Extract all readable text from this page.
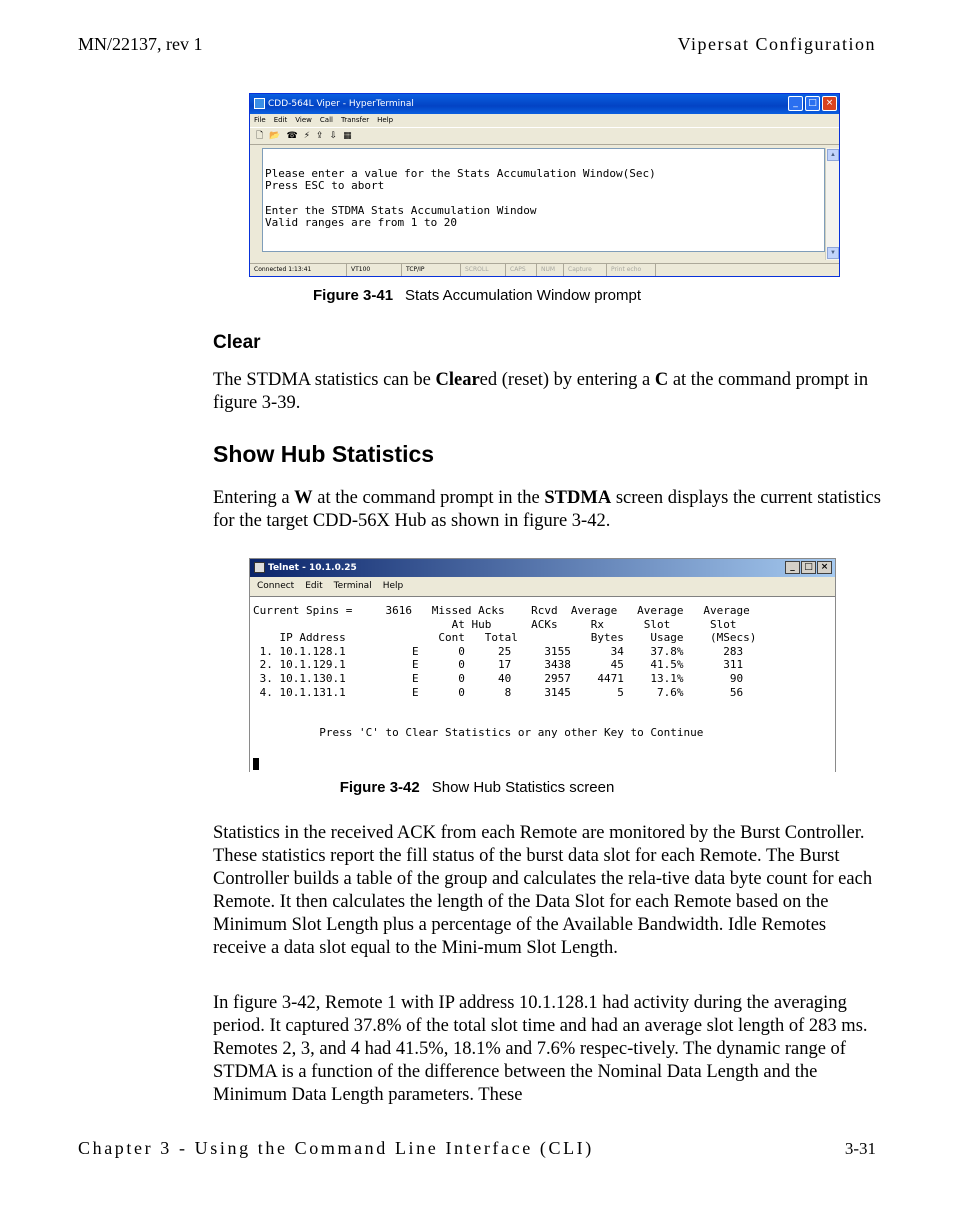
MN/22137, rev 1	Vipersat Configuration
CDD-564L Viper - HyperTerminal	_	□ ×
File Edit View Call Transfer Help
🗋 📂 ☎ ⚡ ⇪ ⇩ ▦
Please enter a value for the Stats Accumulation Window(Sec)
Press ESC to abort

Enter the STDMA Stats Accumulation Window
Valid ranges are from 1 to 20
▲
▼
Connected 1:13:41	VT100	TCP/IP	SCROLL	CAPS	NUM	Capture	Print echo
Figure 3-41 Stats Accumulation Window prompt
Clear
The STDMA statistics can be Cleared (reset) by entering a C at the command prompt in figure 3-39.
Show Hub Statistics
Entering a W at the command prompt in the STDMA screen displays the current statistics for the target CDD-56X Hub as shown in figure 3-42.
Telnet - 10.1.0.25	_	□ ×
Connect Edit Terminal Help
Current Spins =     3616   Missed Acks    Rcvd  Average   Average   Average
At Hub      ACKs     Rx      Slot      Slot
IP Address              Cont   Total           Bytes    Usage    (MSecs)
1. 10.1.128.1          E      0     25     3155      34    37.8%      283
2. 10.1.129.1          E      0     17     3438      45    41.5%      311
3. 10.1.130.1          E      0     40     2957    4471    13.1%       90
4. 10.1.131.1          E      0      8     3145       5     7.6%       56

Press 'C' to Clear Statistics or any other Key to Continue
Figure 3-42 Show Hub Statistics screen
Statistics in the received ACK from each Remote are monitored by the Burst Controller. These statistics report the fill status of the burst data slot for each Remote. The Burst Controller builds a table of the group and calculates the rela-tive data byte count for each Remote. It then calculates the length of the Data Slot for each Remote based on the Minimum Slot Length plus a percentage of the Available Bandwidth. Idle Remotes receive a data slot equal to the Mini-mum Slot Length.
In figure 3-42, Remote 1 with IP address 10.1.128.1 had activity during the averaging period. It captured 37.8% of the total slot time and had an average slot length of 283 ms. Remotes 2, 3, and 4 had 41.5%, 18.1% and 7.6% respec-tively. The dynamic range of STDMA is a function of the difference between the Nominal Data Length and the Minimum Data Length parameters. These
Chapter 3 - Using the Command Line Interface (CLI)	3-31
